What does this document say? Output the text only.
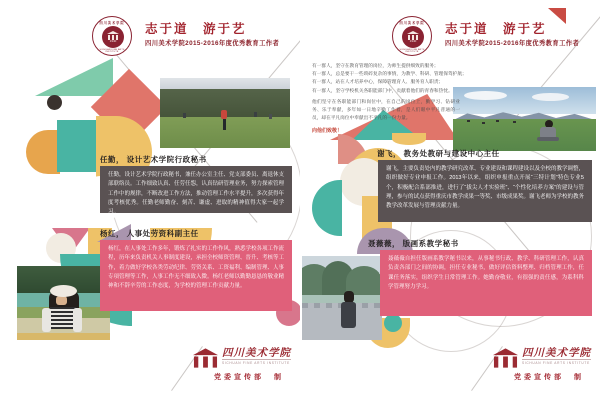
四川美术学院
1940
SICHUAN FINE ARTS INSTITUTE
志于道　游于艺
四川美术学院2015-2016年度优秀教育工作者
任勤， 设计艺术学院行政秘书
任勤，设计艺术学院行政秘书，兼任办公室主任、党支部委员、离退休支部联络员。工作细致认真、任劳任怨，认真钻研管理业务，努力探索管理工作中的规律，不断改进工作方法，推动管理工作水平提升，多次获得年度考核优秀。任勤老师勤奋、刻苦、谦虚、进取的精神值得大家一起学习。
杨红， 人事处劳资科副主任
杨红，在人事处工作多年，锻炼了扎实的工作作风，熟悉学校各项工作流程，历年来负责机关人事制度建设，承担全校师资管理、晋升、考核等工作，着力做好学校各类劳动纪律、劳资关系、工资福利、编制管理、人事专项管理等工作，人事工作无不细致入微。杨红老师以勤勤恳恳的敬业精神和不辞辛劳的工作态度，为学校的管理工作贡献力量。
四川美术学院
SICHUAN FINE ARTS INSTITUTE
党委宣传部　制
四川美术学院
1940
SICHUAN FINE ARTS INSTITUTE
志于道　游于艺
四川美术学院2015-2016年度优秀教育工作者
有一群人，坚守在教育管理的岗位，为师生提供细致的服务；
有一群人，总是要干一些琐碎复杂的事情，为教学、科研、管理保驾护航；
有一群人，站在人才培养中心，保障管理育人、服务育人职责；
有一群人，坚守学校机关各职能部门中，贡献着他们的青春和热忱。
他们坚守在各职能部门和岗位中，在自己的岗位上，勤学习、钻研业务、乐于奉献，多年如一日地辛勤工作着，是人们眼中平凡普通的一员，却在平凡岗位中奉献出不平凡的一份力量。
向他们致敬！
谢飞， 教务处教研与建设中心主任
谢飞，主要负责处内的教学研究改革、专业建设和课程建设以及全校的教学调整，组织做好专业申报工作。2013年以来，组织申报重点开展“三特计划”特色专业5个，积极配合系部推进，进行了“拔尖人才实验班”、“个性化培养方案”的建设与管理，参与的试点获得重庆市教学成果一等奖、市级成果奖。谢飞老师为学校的教务教学改革发展与管理贡献力量。
聂薇薇， 版画系教学秘书
聂薇薇自担任版画系教学秘书以来，从事秘书行政、教学、科研管理工作，认真负责各部门之间的协调，担任专业秘书，做好评估资料整理、归档管理工作，任课任务落实，组织学生日常管理工作。她勤奋敬业，有很强的责任感，为系科科学管理努力学习。
四川美术学院
SICHUAN FINE ARTS INSTITUTE
党委宣传部　制
